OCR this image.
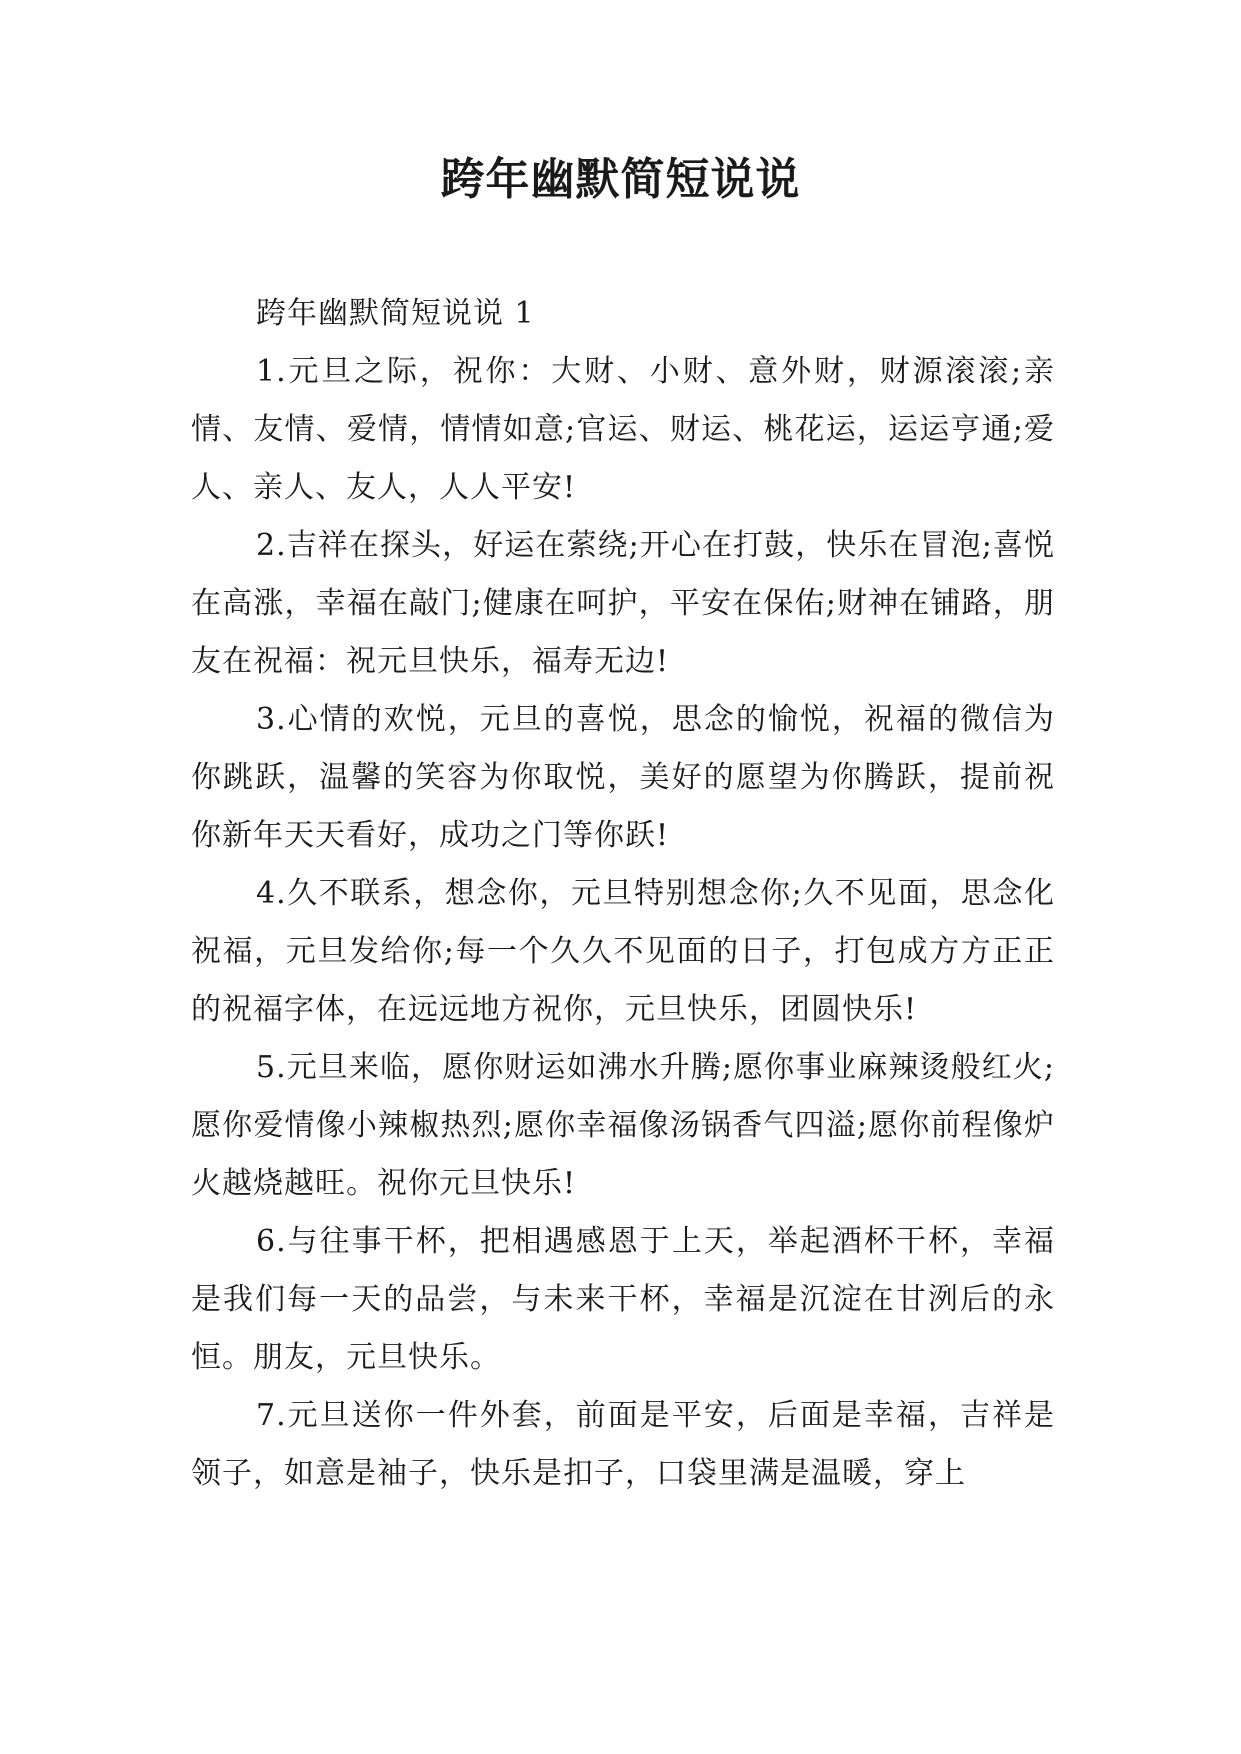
跨年幽默简短说说

跨年幽默简短说说 1

1.元旦之际，祝你：大财、小财、意外财，财源滚滚;亲情、友情、爱情，情情如意;官运、财运、桃花运，运运亨通;爱人、亲人、友人，人人平安!

2.吉祥在探头，好运在萦绕;开心在打鼓，快乐在冒泡;喜悦在高涨，幸福在敲门;健康在呵护，平安在保佑;财神在铺路，朋友在祝福：祝元旦快乐，福寿无边!

3.心情的欢悦，元旦的喜悦，思念的愉悦，祝福的微信为你跳跃，温馨的笑容为你取悦，美好的愿望为你腾跃，提前祝你新年天天看好，成功之门等你跃!

4.久不联系，想念你，元旦特别想念你;久不见面，思念化祝福，元旦发给你;每一个久久不见面的日子，打包成方方正正的祝福字体，在远远地方祝你，元旦快乐，团圆快乐!

5.元旦来临，愿你财运如沸水升腾;愿你事业麻辣烫般红火;愿你爱情像小辣椒热烈;愿你幸福像汤锅香气四溢;愿你前程像炉火越烧越旺。祝你元旦快乐!

6.与往事干杯，把相遇感恩于上天，举起酒杯干杯，幸福是我们每一天的品尝，与未来干杯，幸福是沉淀在甘洌后的永恒。朋友，元旦快乐。

7.元旦送你一件外套，前面是平安，后面是幸福，吉祥是领子，如意是袖子，快乐是扣子，口袋里满是温暖，穿上
